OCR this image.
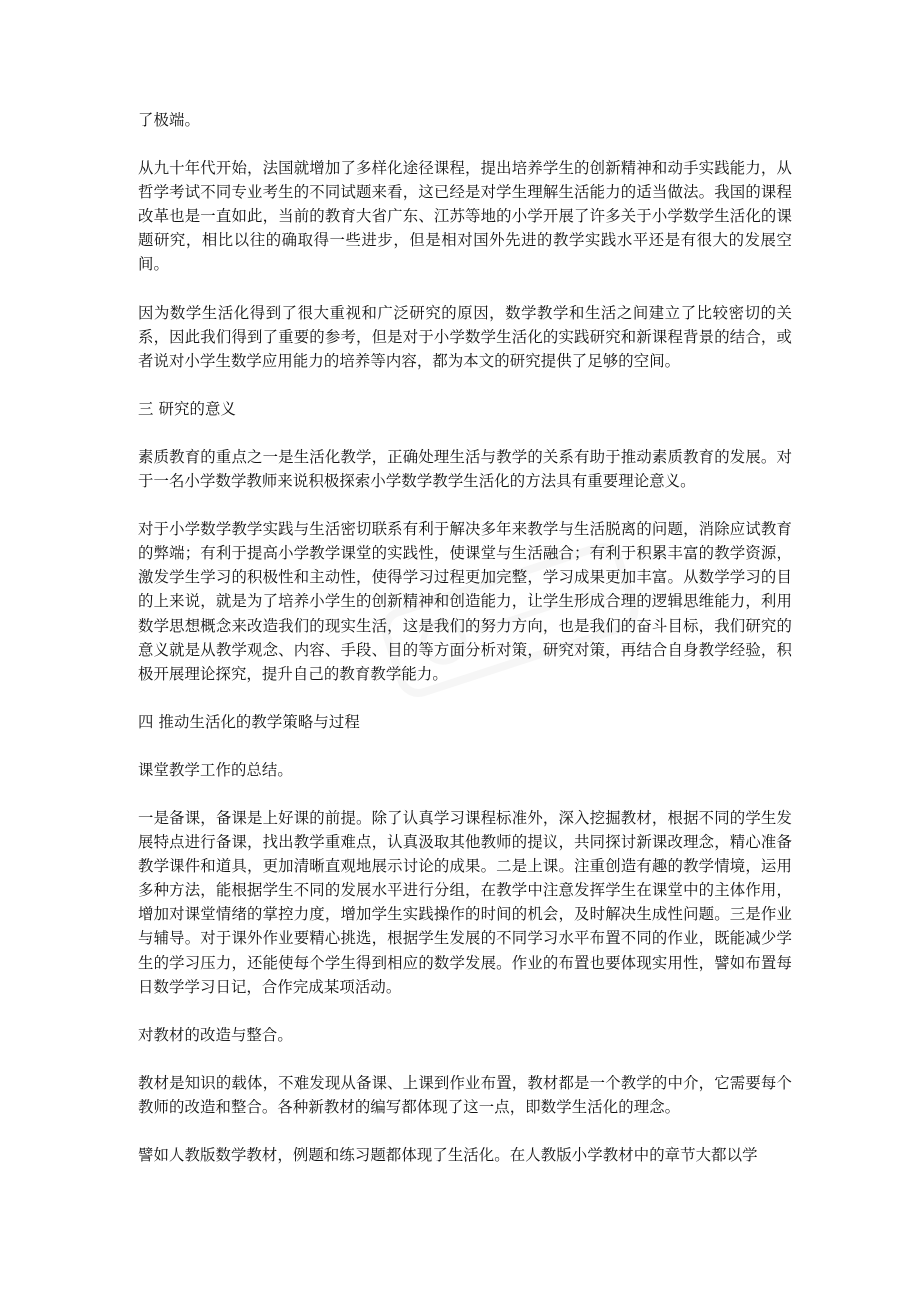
了极端。

从九十年代开始，法国就增加了多样化途径课程，提出培养学生的创新精神和动手实践能力，从哲学考试不同专业考生的不同试题来看，这已经是对学生理解生活能力的适当做法。我国的课程改革也是一直如此，当前的教育大省广东、江苏等地的小学开展了许多关于小学数学生活化的课题研究，相比以往的确取得一些进步，但是相对国外先进的教学实践水平还是有很大的发展空间。

因为数学生活化得到了很大重视和广泛研究的原因，数学教学和生活之间建立了比较密切的关系，因此我们得到了重要的参考，但是对于小学数学生活化的实践研究和新课程背景的结合，或者说对小学生数学应用能力的培养等内容，都为本文的研究提供了足够的空间。

三 研究的意义

素质教育的重点之一是生活化教学，正确处理生活与教学的关系有助于推动素质教育的发展。对于一名小学数学教师来说积极探索小学数学教学生活化的方法具有重要理论意义。

对于小学数学教学实践与生活密切联系有利于解决多年来教学与生活脱离的问题，消除应试教育的弊端；有利于提高小学教学课堂的实践性，使课堂与生活融合；有利于积累丰富的教学资源，激发学生学习的积极性和主动性，使得学习过程更加完整，学习成果更加丰富。从数学学习的目的上来说，就是为了培养小学生的创新精神和创造能力，让学生形成合理的逻辑思维能力，利用数学思想概念来改造我们的现实生活，这是我们的努力方向，也是我们的奋斗目标，我们研究的意义就是从教学观念、内容、手段、目的等方面分析对策，研究对策，再结合自身教学经验，积极开展理论探究，提升自己的教育教学能力。

四 推动生活化的教学策略与过程

课堂教学工作的总结。

一是备课，备课是上好课的前提。除了认真学习课程标准外，深入挖掘教材，根据不同的学生发展特点进行备课，找出教学重难点，认真汲取其他教师的提议，共同探讨新课改理念，精心准备教学课件和道具，更加清晰直观地展示讨论的成果。二是上课。注重创造有趣的教学情境，运用多种方法，能根据学生不同的发展水平进行分组，在教学中注意发挥学生在课堂中的主体作用，增加对课堂情绪的掌控力度，增加学生实践操作的时间的机会，及时解决生成性问题。三是作业与辅导。对于课外作业要精心挑选，根据学生发展的不同学习水平布置不同的作业，既能减少学生的学习压力，还能使每个学生得到相应的数学发展。作业的布置也要体现实用性，譬如布置每日数学学习日记，合作完成某项活动。

对教材的改造与整合。

教材是知识的载体，不难发现从备课、上课到作业布置，教材都是一个教学的中介，它需要每个教师的改造和整合。各种新教材的编写都体现了这一点，即数学生活化的理念。

譬如人教版数学教材，例题和练习题都体现了生活化。在人教版小学教材中的章节大都以学
